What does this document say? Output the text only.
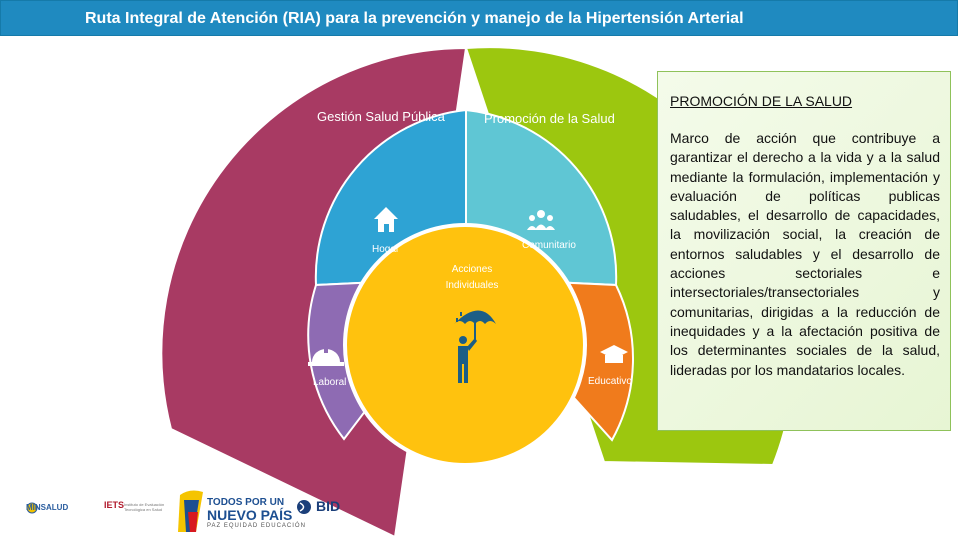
Ruta Integral de Atención (RIA) para la prevención y manejo de la Hipertensión Arterial
Gestión Salud Pública	Promoción de la Salud
Hogar	Comunitario
Laboral	Educativo
Acciones
Individuales
PROMOCIÓN DE LA SALUD
Marco de acción que contribuye a garantizar el derecho a la vida y a la salud mediante la formulación, implementación y evaluación de políticas publicas saludables, el desarrollo de capacidades, la movilización social, la creación de entornos saludables y el desarrollo de acciones sectoriales e intersectoriales/transectoriales y comunitarias, dirigidas a la reducción de inequidades y a la afectación positiva de los determinantes sociales de la salud, lideradas por los mandatarios locales.
MINSALUD	IETS Instituto de Evaluación Tecnológica en Salud
TODOS POR UN
NUEVO PAÍS
PAZ EQUIDAD EDUCACIÓN
BID
